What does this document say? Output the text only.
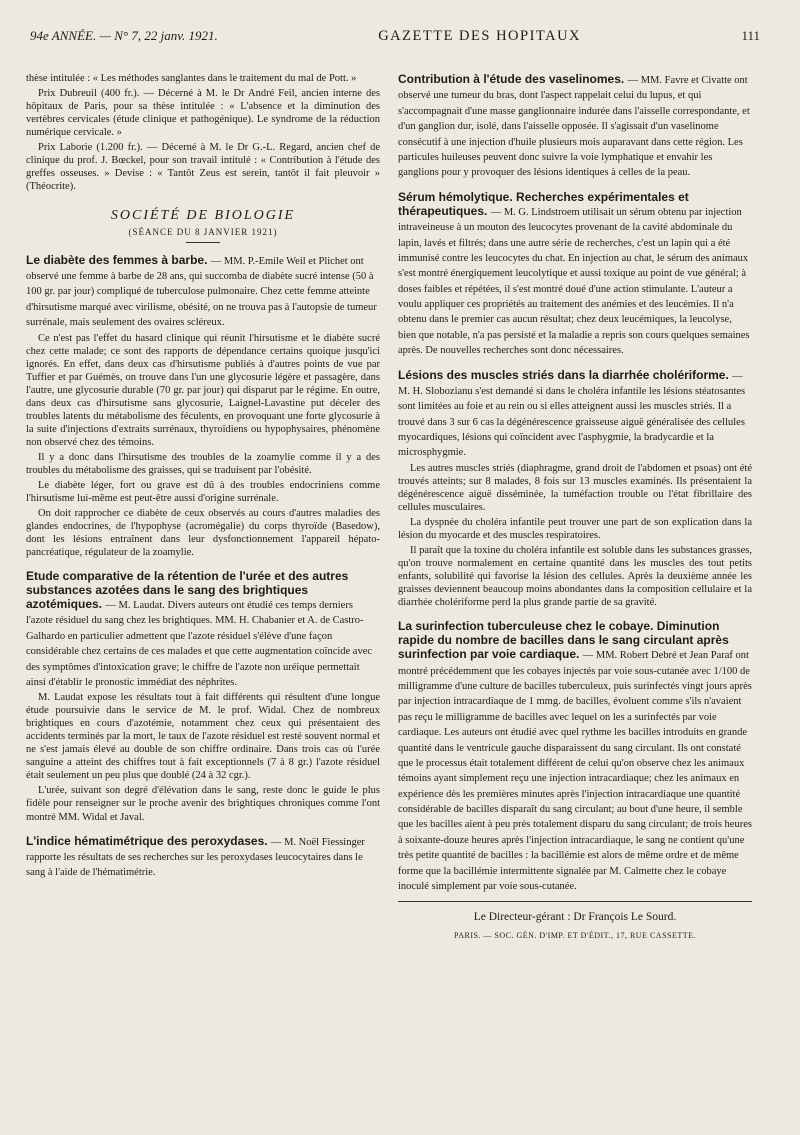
94e ANNÉE. — N° 7, 22 janv. 1921.	GAZETTE DES HOPITAUX	111

thèse intitulée : « Les méthodes sanglantes dans le traitement du mal de Pott. »

Prix Dubreuil (400 fr.). — Décerné à M. le Dr André Feil, ancien interne des hôpitaux de Paris, pour sa thèse intitulée : « L'absence et la diminution des vertèbres cervicales (étude clinique et pathogénique). Le syndrome de la réduction numérique cervicale. »

Prix Laborie (1.200 fr.). — Décerné à M. le Dr G.-L. Regard, ancien chef de clinique du prof. J. Bœckel, pour son travail intitulé : « Contribution à l'étude des greffes osseuses. » Devise : « Tantôt Zeus est serein, tantôt il fait pleuvoir » (Théocrite).

SOCIÉTÉ DE BIOLOGIE
(SÉANCE DU 8 JANVIER 1921)
Le diabète des femmes à barbe. — MM. P.-Emile Weil et Plichet ont observé une femme à barbe de 28 ans, qui succomba de diabète sucré intense (50 à 100 gr. par jour) compliqué de tuberculose pulmonaire. Chez cette femme atteinte d'hirsutisme marqué avec virilisme, obésité, on ne trouva pas à l'autopsie de tumeur surrénale, mais seulement des ovaires scléreux.

Ce n'est pas l'effet du hasard clinique qui réunit l'hirsutisme et le diabète sucré chez cette malade; ce sont des rapports de dépendance certains quoique jusqu'ici ignorés. En effet, dans deux cas d'hirsutisme publiés à d'autres points de vue par Tuffier et par Guémès, on trouve dans l'un une glycosurie légère et passagère, dans l'autre, une glycosurie durable (70 gr. par jour) qui disparut par le régime. En outre, dans deux cas d'hirsutisme sans glycosurie, Laignel-Lavastine put déceler des troubles latents du métabolisme des féculents, en provoquant une forte glycosurie à la suite d'injections d'extraits surrénaux, thyroïdiens ou hypophysaires, phénomène non observé chez des témoins.

Il y a donc dans l'hirsutisme des troubles de la zoamylie comme il y a des troubles du métabolisme des graisses, qui se traduisent par l'obésité.

Le diabète léger, fort ou grave est dû à des troubles endocriniens comme l'hirsutisme lui-même est peut-être aussi d'origine surrénale.

On doit rapprocher ce diabète de ceux observés au cours d'autres maladies des glandes endocrines, de l'hypophyse (acromégalie) du corps thyroïde (Basedow), dont les lésions entraînent dans leur dysfonctionnement l'appareil hépato-pancréatique, régulateur de la zoamylie.

Etude comparative de la rétention de l'urée et des autres substances azotées dans le sang des brightiques azotémiques. — M. Laudat. Divers auteurs ont étudié ces temps derniers l'azote résiduel du sang chez les brightiques. MM. H. Chabanier et A. de Castro-Galhardo en particulier admettent que l'azote résiduel s'élève d'une façon considérable chez certains de ces malades et que cette augmentation coïncide avec des symptômes d'intoxication grave; le chiffre de l'azote non uréique permettait ainsi d'établir le pronostic immédiat des néphrites.

M. Laudat expose les résultats tout à fait différents qui résultent d'une longue étude poursuivie dans le service de M. le prof. Widal. Chez de nombreux brightiques en cours d'azotémie, notamment chez ceux qui présentaient des accidents terminés par la mort, le taux de l'azote résiduel est resté souvent normal et ne s'est jamais élevé au double de son chiffre ordinaire. Dans trois cas où l'urée sanguine a atteint des chiffres tout à fait exceptionnels (7 à 8 gr.) l'azote résiduel était seulement un peu plus que doublé (24 à 32 cgr.).

L'urée, suivant son degré d'élévation dans le sang, reste donc le guide le plus fidèle pour renseigner sur le proche avenir des brightiques chroniques comme l'ont montré MM. Widal et Javal.

L'indice hématimétrique des peroxydases. — M. Noël Fiessinger rapporte les résultats de ses recherches sur les peroxydases leucocytaires dans le sang à l'aide de l'hématimétrie.
Contribution à l'étude des vaselinomes. — MM. Favre et Civatte ont observé une tumeur du bras, dont l'aspect rappelait celui du lupus, et qui s'accompagnait d'une masse ganglionnaire indurée dans l'aisselle correspondante, et d'un ganglion dur, isolé, dans l'aisselle opposée. Il s'agissait d'un vaselinome consécutif à une injection d'huile plusieurs mois auparavant dans cette région. Les particules huileuses peuvent donc suivre la voie lymphatique et envahir les ganglions pour y provoquer des lésions identiques à celles de la peau.
Sérum hémolytique. Recherches expérimentales et thérapeutiques. — M. G. Lindstroem utilisait un sérum obtenu par injection intraveineuse à un mouton des leucocytes provenant de la cavité abdominale du lapin, lavés et filtrés; dans une autre série de recherches, c'est un lapin qui a été immunisé contre les leucocytes du chat. En injection au chat, le sérum des animaux s'est montré énergiquement leucolytique et aussi toxique au point de vue général; à doses faibles et répétées, il s'est montré doué d'une action stimulante. L'auteur a voulu appliquer ces propriétés au traitement des anémies et des leucémies. Il n'a obtenu dans le premier cas aucun résultat; chez deux leucémiques, la leucolyse, bien que notable, n'a pas persisté et la maladie a repris son cours quelques semaines après. De nouvelles recherches sont donc nécessaires.
Lésions des muscles striés dans la diarrhée cholériforme. — M. H. Slobozianu s'est demandé si dans le choléra infantile les lésions stéatosantes sont limitées au foie et au rein ou si elles atteignent aussi les muscles striés. Il a trouvé dans 3 sur 6 cas la dégénérescence graisseuse aiguë généralisée des cellules myocardiques, lésions qui coïncident avec l'asphygmie, la bradycardie et la microsphygmie.

Les autres muscles striés (diaphragme, grand droit de l'abdomen et psoas) ont été trouvés atteints; sur 8 malades, 8 fois sur 13 muscles examinés. Ils présentaient la dégénérescence aiguë disséminée, la tuméfaction trouble ou l'état fibrillaire des cellules musculaires.

La dyspnée du choléra infantile peut trouver une part de son explication dans la lésion du myocarde et des muscles respiratoires.

Il paraît que la toxine du choléra infantile est soluble dans les substances grasses, qu'on trouve normalement en certaine quantité dans les muscles des tout petits enfants, solubilité qui favorise la lésion des cellules. Après la deuxième année les graisses deviennent beaucoup moins abondantes dans la composition cellulaire et la diarrhée cholériforme perd la plus grande partie de sa gravité.

La surinfection tuberculeuse chez le cobaye. Diminution rapide du nombre de bacilles dans le sang circulant après surinfection par voie cardiaque. — MM. Robert Debré et Jean Paraf ont montré précédemment que les cobayes injectés par voie sous-cutanée avec 1/100 de milligramme d'une culture de bacilles tuberculeux, puis surinfectés vingt jours après par injection intracardiaque de 1 mmg. de bacilles, évoluent comme s'ils n'avaient pas reçu le milligramme de bacilles avec lequel on les a surinfectés par voie cardiaque. Les auteurs ont étudié avec quel rythme les bacilles introduits en grande quantité dans le ventricule gauche disparaissent du sang circulant. Ils ont constaté que le processus était totalement différent de celui qu'on observe chez les animaux témoins ayant simplement reçu une injection intracardiaque; chez les animaux en expérience dès les premières minutes après l'injection intracardiaque une quantité considérable de bacilles disparaît du sang circulant; au bout d'une heure, il semble que les bacilles aient à peu près totalement disparu du sang circulant; de trois heures à soixante-douze heures après l'injection intracardiaque, le sang ne contient qu'une très petite quantité de bacilles : la bacillémie est alors de même ordre et de même forme que la bacillémie intermittente signalée par M. Calmette chez le cobaye inoculé simplement par voie sous-cutanée.
Le Directeur-gérant : Dr François Le Sourd.
PARIS. — SOC. GÉN. D'IMP. ET D'ÉDIT., 17, RUE CASSETTE.
